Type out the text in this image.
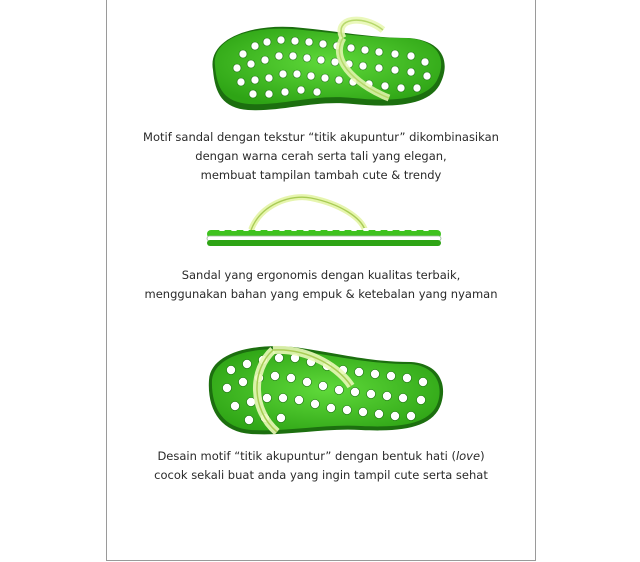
Motif sandal dengan tekstur “titik akupuntur” dikombinasikan
dengan warna cerah serta tali yang elegan,
membuat tampilan tambah cute & trendy
Sandal yang ergonomis dengan kualitas terbaik,
menggunakan bahan yang empuk & ketebalan yang nyaman
Desain motif “titik akupuntur” dengan bentuk hati (love)
cocok sekali buat anda yang ingin tampil cute serta sehat
